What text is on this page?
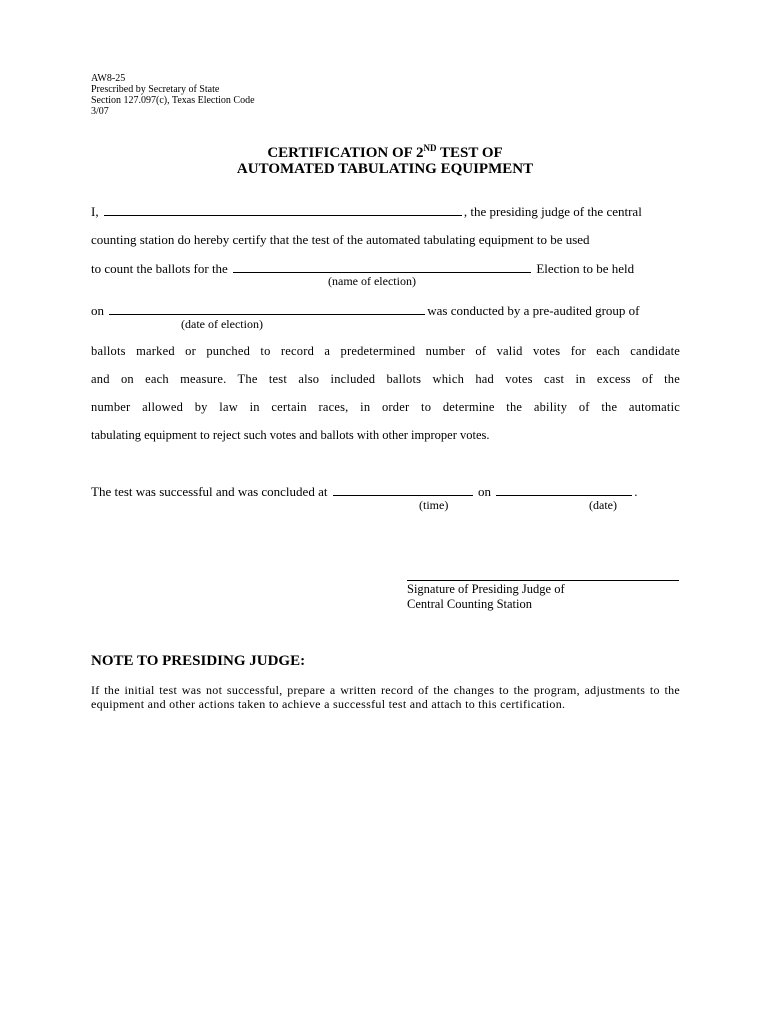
AW8-25
Prescribed by Secretary of State
Section 127.097(c), Texas Election Code
3/07
CERTIFICATION OF 2ND TEST OF
AUTOMATED TABULATING EQUIPMENT
I,	, the presiding judge of the central
counting station do hereby certify that the test of the automated tabulating equipment to be used
to count the ballots for the	Election to be held
(name of election)
on	was conducted by a pre-audited group of
(date of election)
ballots marked or punched to record a predetermined number of valid votes for each candidate
and on each measure. The test also included ballots which had votes cast in excess of the
number allowed by law in certain races, in order to determine the ability of the automatic
tabulating equipment to reject such votes and ballots with other improper votes.
The test was successful and was concluded at	on	.
(time)	(date)
Signature of Presiding Judge of
Central Counting Station
NOTE TO PRESIDING JUDGE:
If the initial test was not successful, prepare a written record of the changes to the program, adjustments to the equipment and other actions taken to achieve a successful test and attach to this certification.
